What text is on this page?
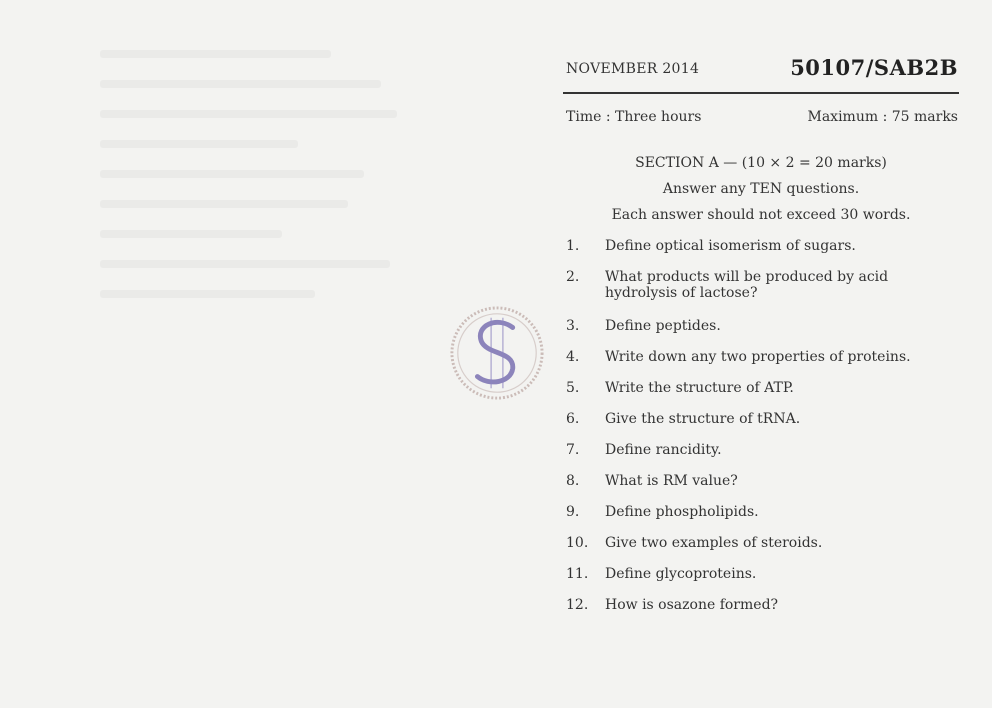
NOVEMBER 2014	50107/SAB2B
Time : Three hours	Maximum : 75 marks
SECTION A — (10 × 2 = 20 marks)
Answer any TEN questions.
Each answer should not exceed 30 words.
1.	Define optical isomerism of sugars.
2.	What products will be produced by acid hydrolysis of lactose?
3.	Define peptides.
4.	Write down any two properties of proteins.
5.	Write the structure of ATP.
6.	Give the structure of tRNA.
7.	Define rancidity.
8.	What is RM value?
9.	Define phospholipids.
10.	Give two examples of steroids.
11.	Define glycoproteins.
12.	How is osazone formed?
